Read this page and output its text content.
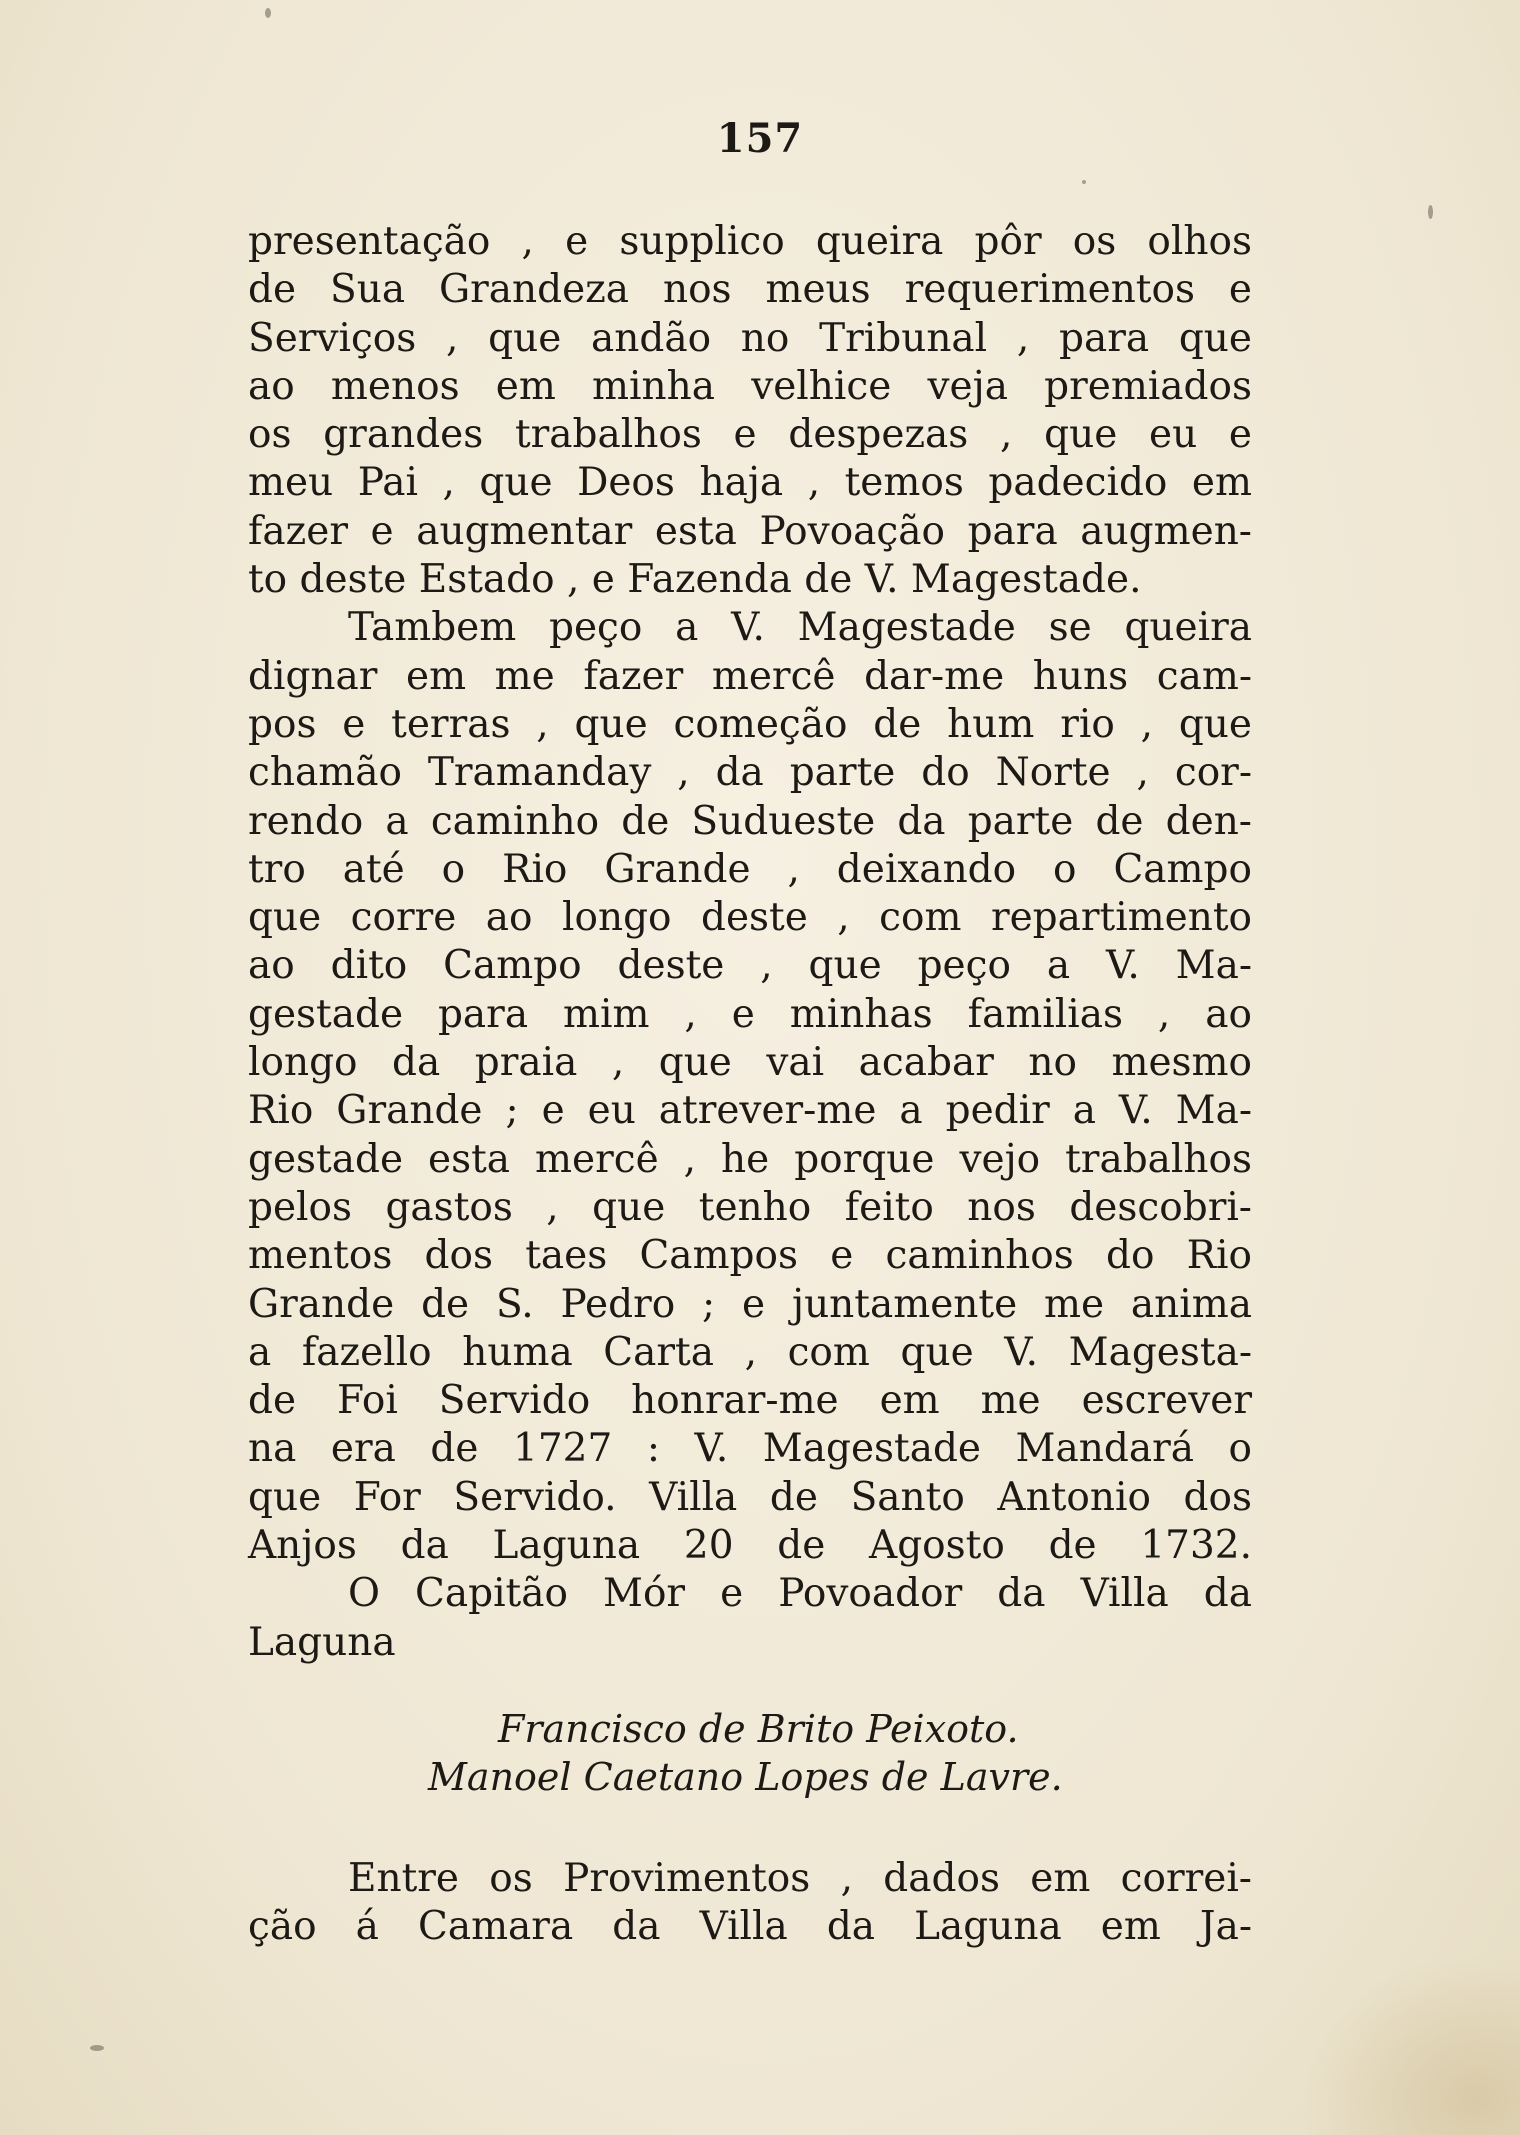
157
presentação , e supplico queira pôr os olhos
de Sua Grandeza nos meus requerimentos e
Serviços , que andão no Tribunal , para que
ao menos em minha velhice veja premiados
os grandes trabalhos e despezas , que eu e
meu Pai , que Deos haja , temos padecido em
fazer e augmentar esta Povoação para augmen-
to deste Estado , e Fazenda de V. Magestade.
Tambem peço a V. Magestade se queira
dignar em me fazer mercê dar-me huns cam-
pos e terras , que começão de hum rio , que
chamão Tramanday , da parte do Norte , cor-
rendo a caminho de Sudueste da parte de den-
tro até o Rio Grande , deixando o Campo
que corre ao longo deste , com repartimento
ao dito Campo deste , que peço a V. Ma-
gestade para mim , e minhas familias , ao
longo da praia , que vai acabar no mesmo
Rio Grande ; e eu atrever-me a pedir a V. Ma-
gestade esta mercê , he porque vejo trabalhos
pelos gastos , que tenho feito nos descobri-
mentos dos taes Campos e caminhos do Rio
Grande de S. Pedro ; e juntamente me anima
a fazello huma Carta , com que V. Magesta-
de Foi Servido honrar-me em me escrever
na era de 1727 : V. Magestade Mandará o
que For Servido. Villa de Santo Antonio dos
Anjos da Laguna 20 de Agosto de 1732.
O Capitão Mór e Povoador da Villa da
Laguna
Francisco de Brito Peixoto.
Manoel Caetano Lopes de Lavre.
Entre os Provimentos , dados em correi-
ção á Camara da Villa da Laguna em Ja-
